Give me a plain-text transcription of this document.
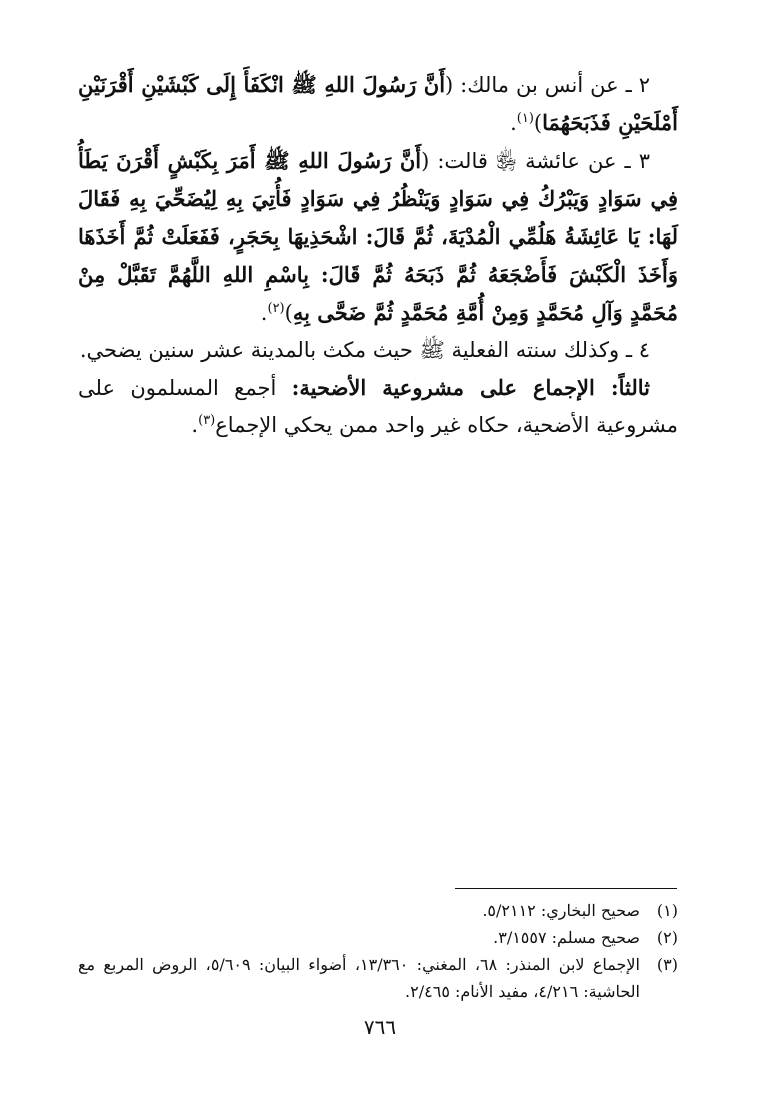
٢ ـ عن أنس بن مالك: (أَنَّ رَسُولَ اللهِ ﷺ انْكَفَأَ إِلَى كَبْشَيْنِ أَقْرَنَيْنِ أَمْلَحَيْنِ فَذَبَحَهُمَا)$^{(١)}$.

٣ ـ عن عائشة ﵂ قالت: (أَنَّ رَسُولَ اللهِ ﷺ أَمَرَ بِكَبْشٍ أَقْرَنَ يَطَأُ فِي سَوَادٍ وَيَبْرُكُ فِي سَوَادٍ وَيَنْظُرُ فِي سَوَادٍ فَأُتِيَ بِهِ لِيُضَحِّيَ بِهِ فَقَالَ لَهَا: يَا عَائِشَةُ هَلُمِّي الْمُدْيَةَ، ثُمَّ قَالَ: اشْحَذِيهَا بِحَجَرٍ، فَفَعَلَتْ ثُمَّ أَخَذَهَا وَأَخَذَ الْكَبْشَ فَأَضْجَعَهُ ثُمَّ ذَبَحَهُ ثُمَّ قَالَ: بِاسْمِ اللهِ اللَّهُمَّ تَقَبَّلْ مِنْ مُحَمَّدٍ وَآلِ مُحَمَّدٍ وَمِنْ أُمَّةِ مُحَمَّدٍ ثُمَّ ضَحَّى بِهِ)$^{(٢)}$.

٤ ـ وكذلك سنته الفعلية ﷺ حيث مكث بالمدينة عشر سنين يضحي.

ثالثاً: الإجماع على مشروعية الأضحية: أجمع المسلمون على مشروعية الأضحية، حكاه غير واحد ممن يحكي الإجماع$^{(٣)}$.

(١)
صحيح البخاري: ٥/٢١١٢.

(٢)
صحيح مسلم: ٣/١٥٥٧.

(٣)
الإجماع لابن المنذر: ٦٨، المغني: ١٣/٣٦٠، أضواء البيان: ٥/٦٠٩، الروض المربع مع الحاشية: ٤/٢١٦، مفيد الأنام: ٢/٤٦٥.

٧٦٦
